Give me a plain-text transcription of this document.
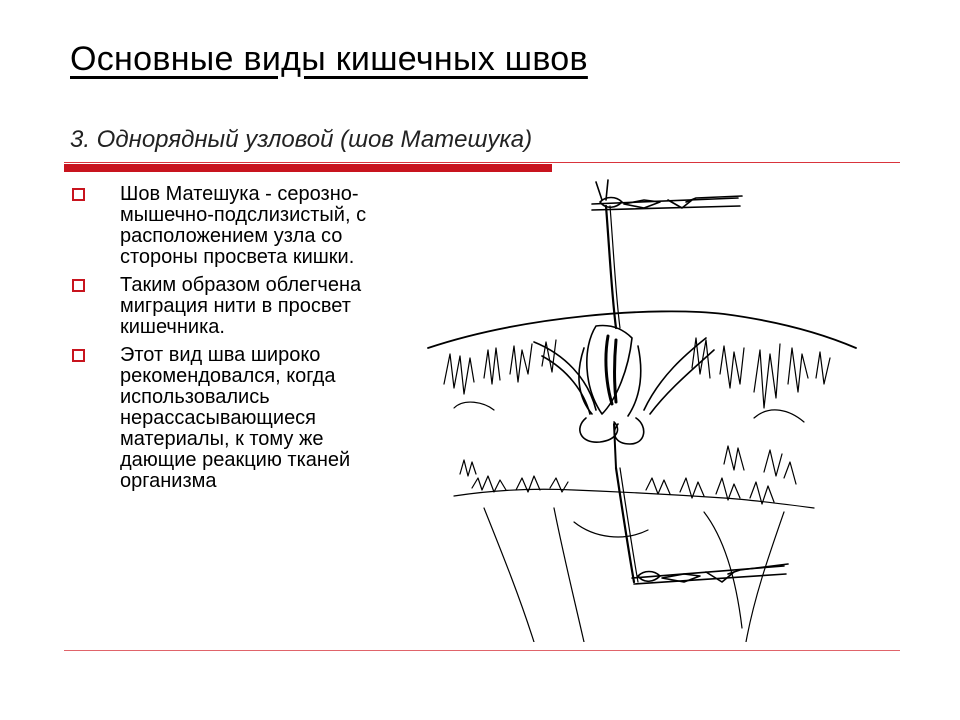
Основные виды кишечных швов
3. Однорядный узловой (шов Матешука)
Шов Матешука - серозно-мышечно-подслизистый, с расположением узла со стороны просвета кишки.
Таким образом облегчена миграция нити в просвет кишечника.
Этот вид шва широко рекомендовался, когда использовались нерассасывающиеся материалы, к тому же дающие реакцию тканей организма
